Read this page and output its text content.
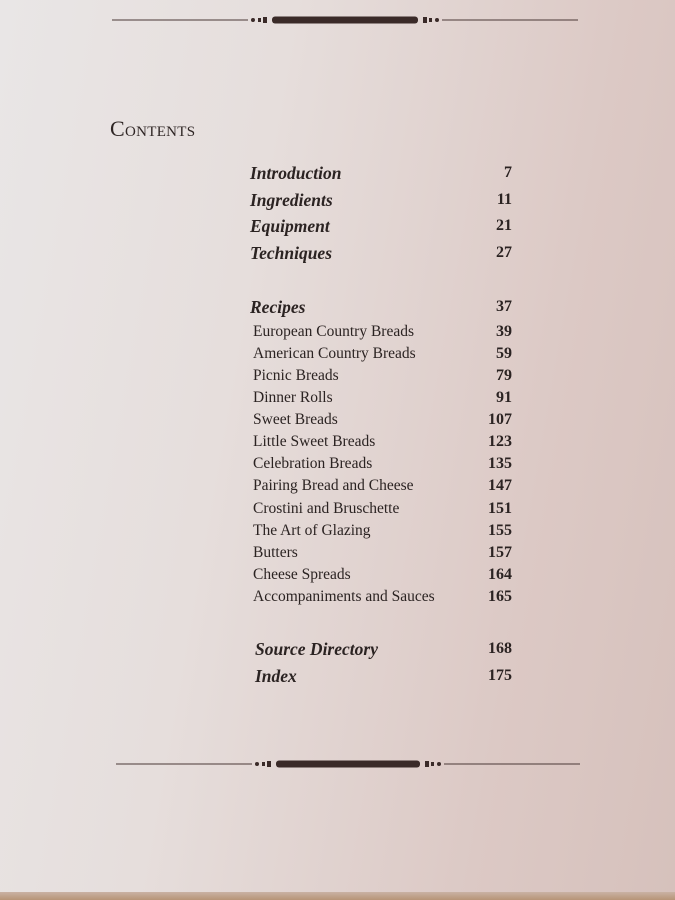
Contents
Introduction	7
Ingredients	11
Equipment	21
Techniques	27
Recipes	37
European Country Breads	39
American Country Breads	59
Picnic Breads	79
Dinner Rolls	91
Sweet Breads	107
Little Sweet Breads	123
Celebration Breads	135
Pairing Bread and Cheese	147
Crostini and Bruschette	151
The Art of Glazing	155
Butters	157
Cheese Spreads	164
Accompaniments and Sauces	165
Source Directory	168
Index	175
